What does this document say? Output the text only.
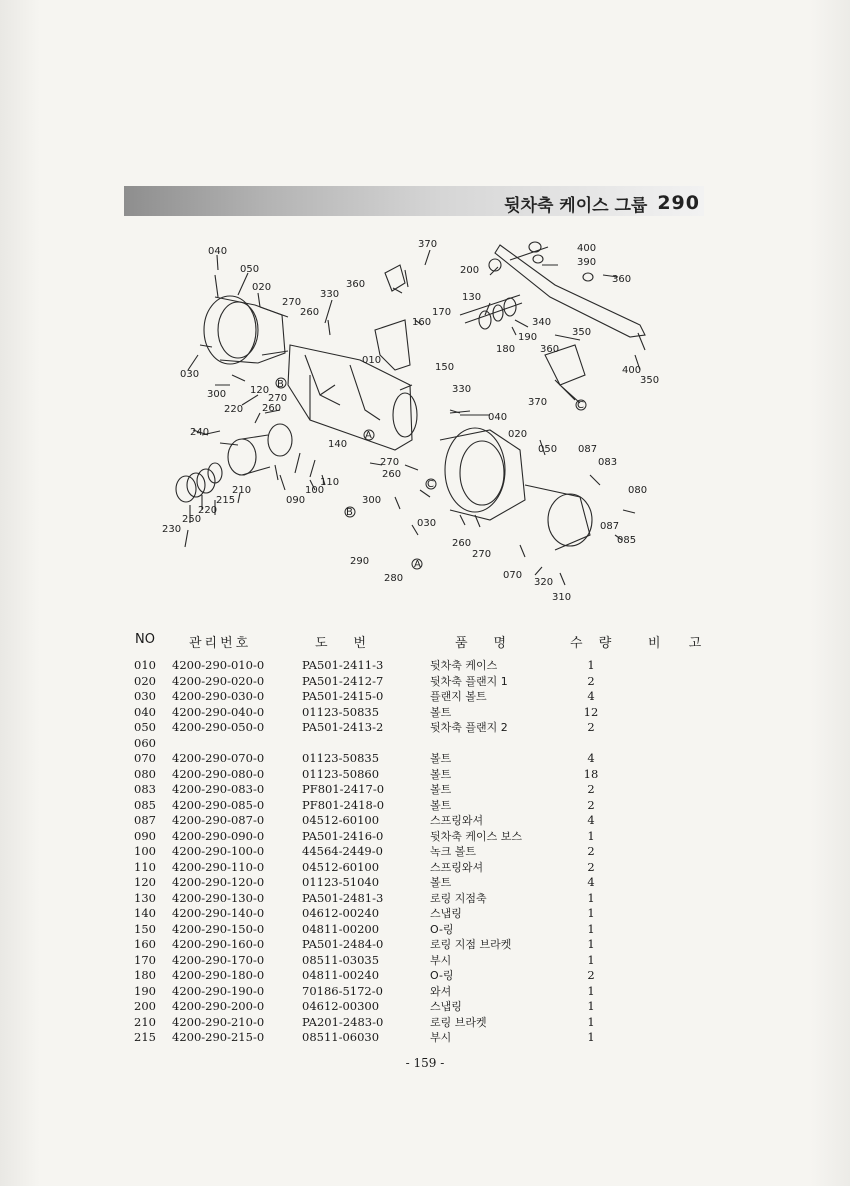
뒷차축 케이스 그룹 290
040
050
020
370	400
390
360
200
130
270
260
330
360
170
160
190
180
340
350
030
010
150
360
400
350
300 120
270
B	330
220 260
040
240
140
370	C
A	020
050 087
083
080
270
260
110
100
210
215	090	300
250
220
C
230
030
B
087
085
260
270
290	A
280	070
320
310
NO	관리번호	도　　번	품　　명	수 량 비 고
010 4200-290-010-0	PA501-2411-3	뒷차축 케이스	1
020 4200-290-020-0	PA501-2412-7	뒷차축 플랜지 1	2
030 4200-290-030-0	PA501-2415-0	플랜지 볼트	4
040 4200-290-040-0	01123-50835	볼트	12
050 4200-290-050-0	PA501-2413-2	뒷차축 플랜지 2	2
060
070 4200-290-070-0	01123-50835	볼트	4
080 4200-290-080-0	01123-50860	볼트	18
083 4200-290-083-0	PF801-2417-0	볼트	2
085 4200-290-085-0	PF801-2418-0	볼트	2
087 4200-290-087-0	04512-60100	스프링와셔	4
090 4200-290-090-0	PA501-2416-0	뒷차축 케이스 보스	1
100 4200-290-100-0	44564-2449-0	녹크 볼트	2
110 4200-290-110-0	04512-60100	스프링와셔	2
120 4200-290-120-0	01123-51040	볼트	4
130 4200-290-130-0	PA501-2481-3	로링 지점축	1
140 4200-290-140-0	04612-00240	스냅링	1
150 4200-290-150-0	04811-00200	O-링	1
160 4200-290-160-0	PA501-2484-0	로링 지점 브라켓	1
170 4200-290-170-0	08511-03035	부시	1
180 4200-290-180-0	04811-00240	O-링	2
190 4200-290-190-0	70186-5172-0	와셔	1
200 4200-290-200-0	04612-00300	스냅링	1
210 4200-290-210-0	PA201-2483-0	로링 브라켓	1
215 4200-290-215-0	08511-06030	부시	1
- 159 -
